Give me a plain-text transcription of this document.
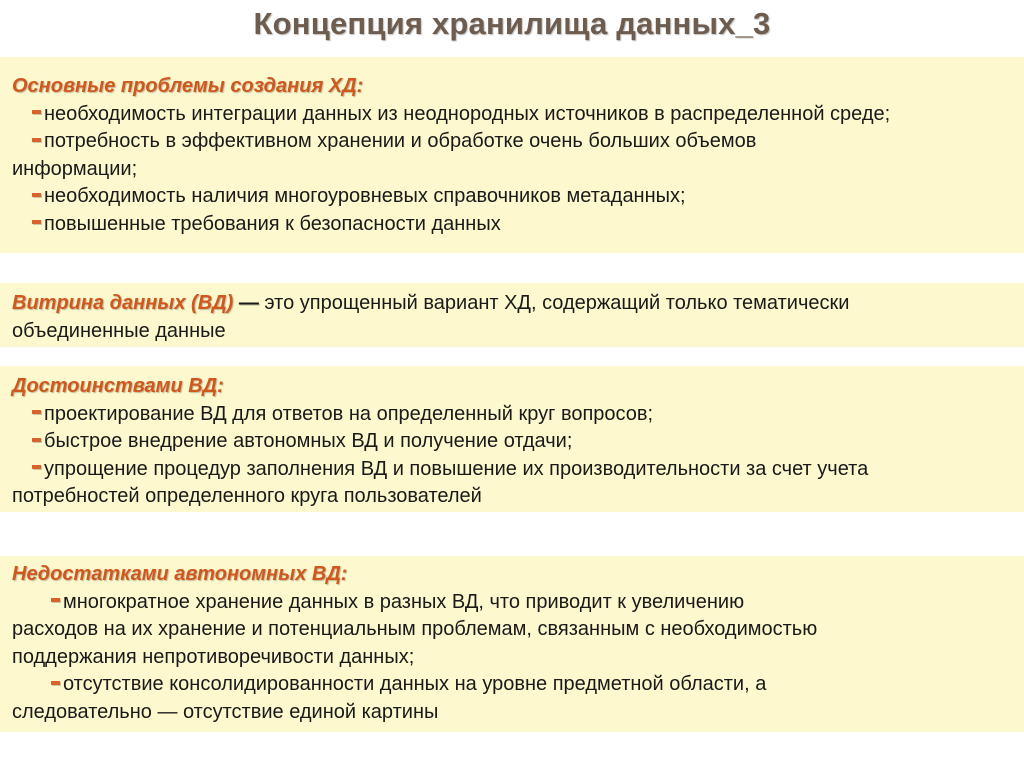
Концепция хранилища данных_3
Основные проблемы создания ХД:
необходимость интеграции данных из неоднородных источников в распределенной среде;
потребность в эффективном хранении и обработке очень больших объемов
информации;
необходимость наличия многоуровневых справочников метаданных;
повышенные требования к безопасности данных
Витрина данных (ВД) — это упрощенный вариант ХД, содержащий только тематически
объединенные данные
Достоинствами ВД:
проектирование ВД для ответов на определенный круг вопросов;
быстрое внедрение автономных ВД и получение отдачи;
упрощение процедур заполнения ВД и повышение их производительности за счет учета
потребностей определенного круга пользователей
Недостатками автономных ВД:
многократное хранение данных в разных ВД, что приводит к увеличению
расходов на их хранение и потенциальным проблемам, связанным с необходимостью
поддержания непротиворечивости данных;
отсутствие консолидированности данных на уровне предметной области, а
следовательно — отсутствие единой картины
